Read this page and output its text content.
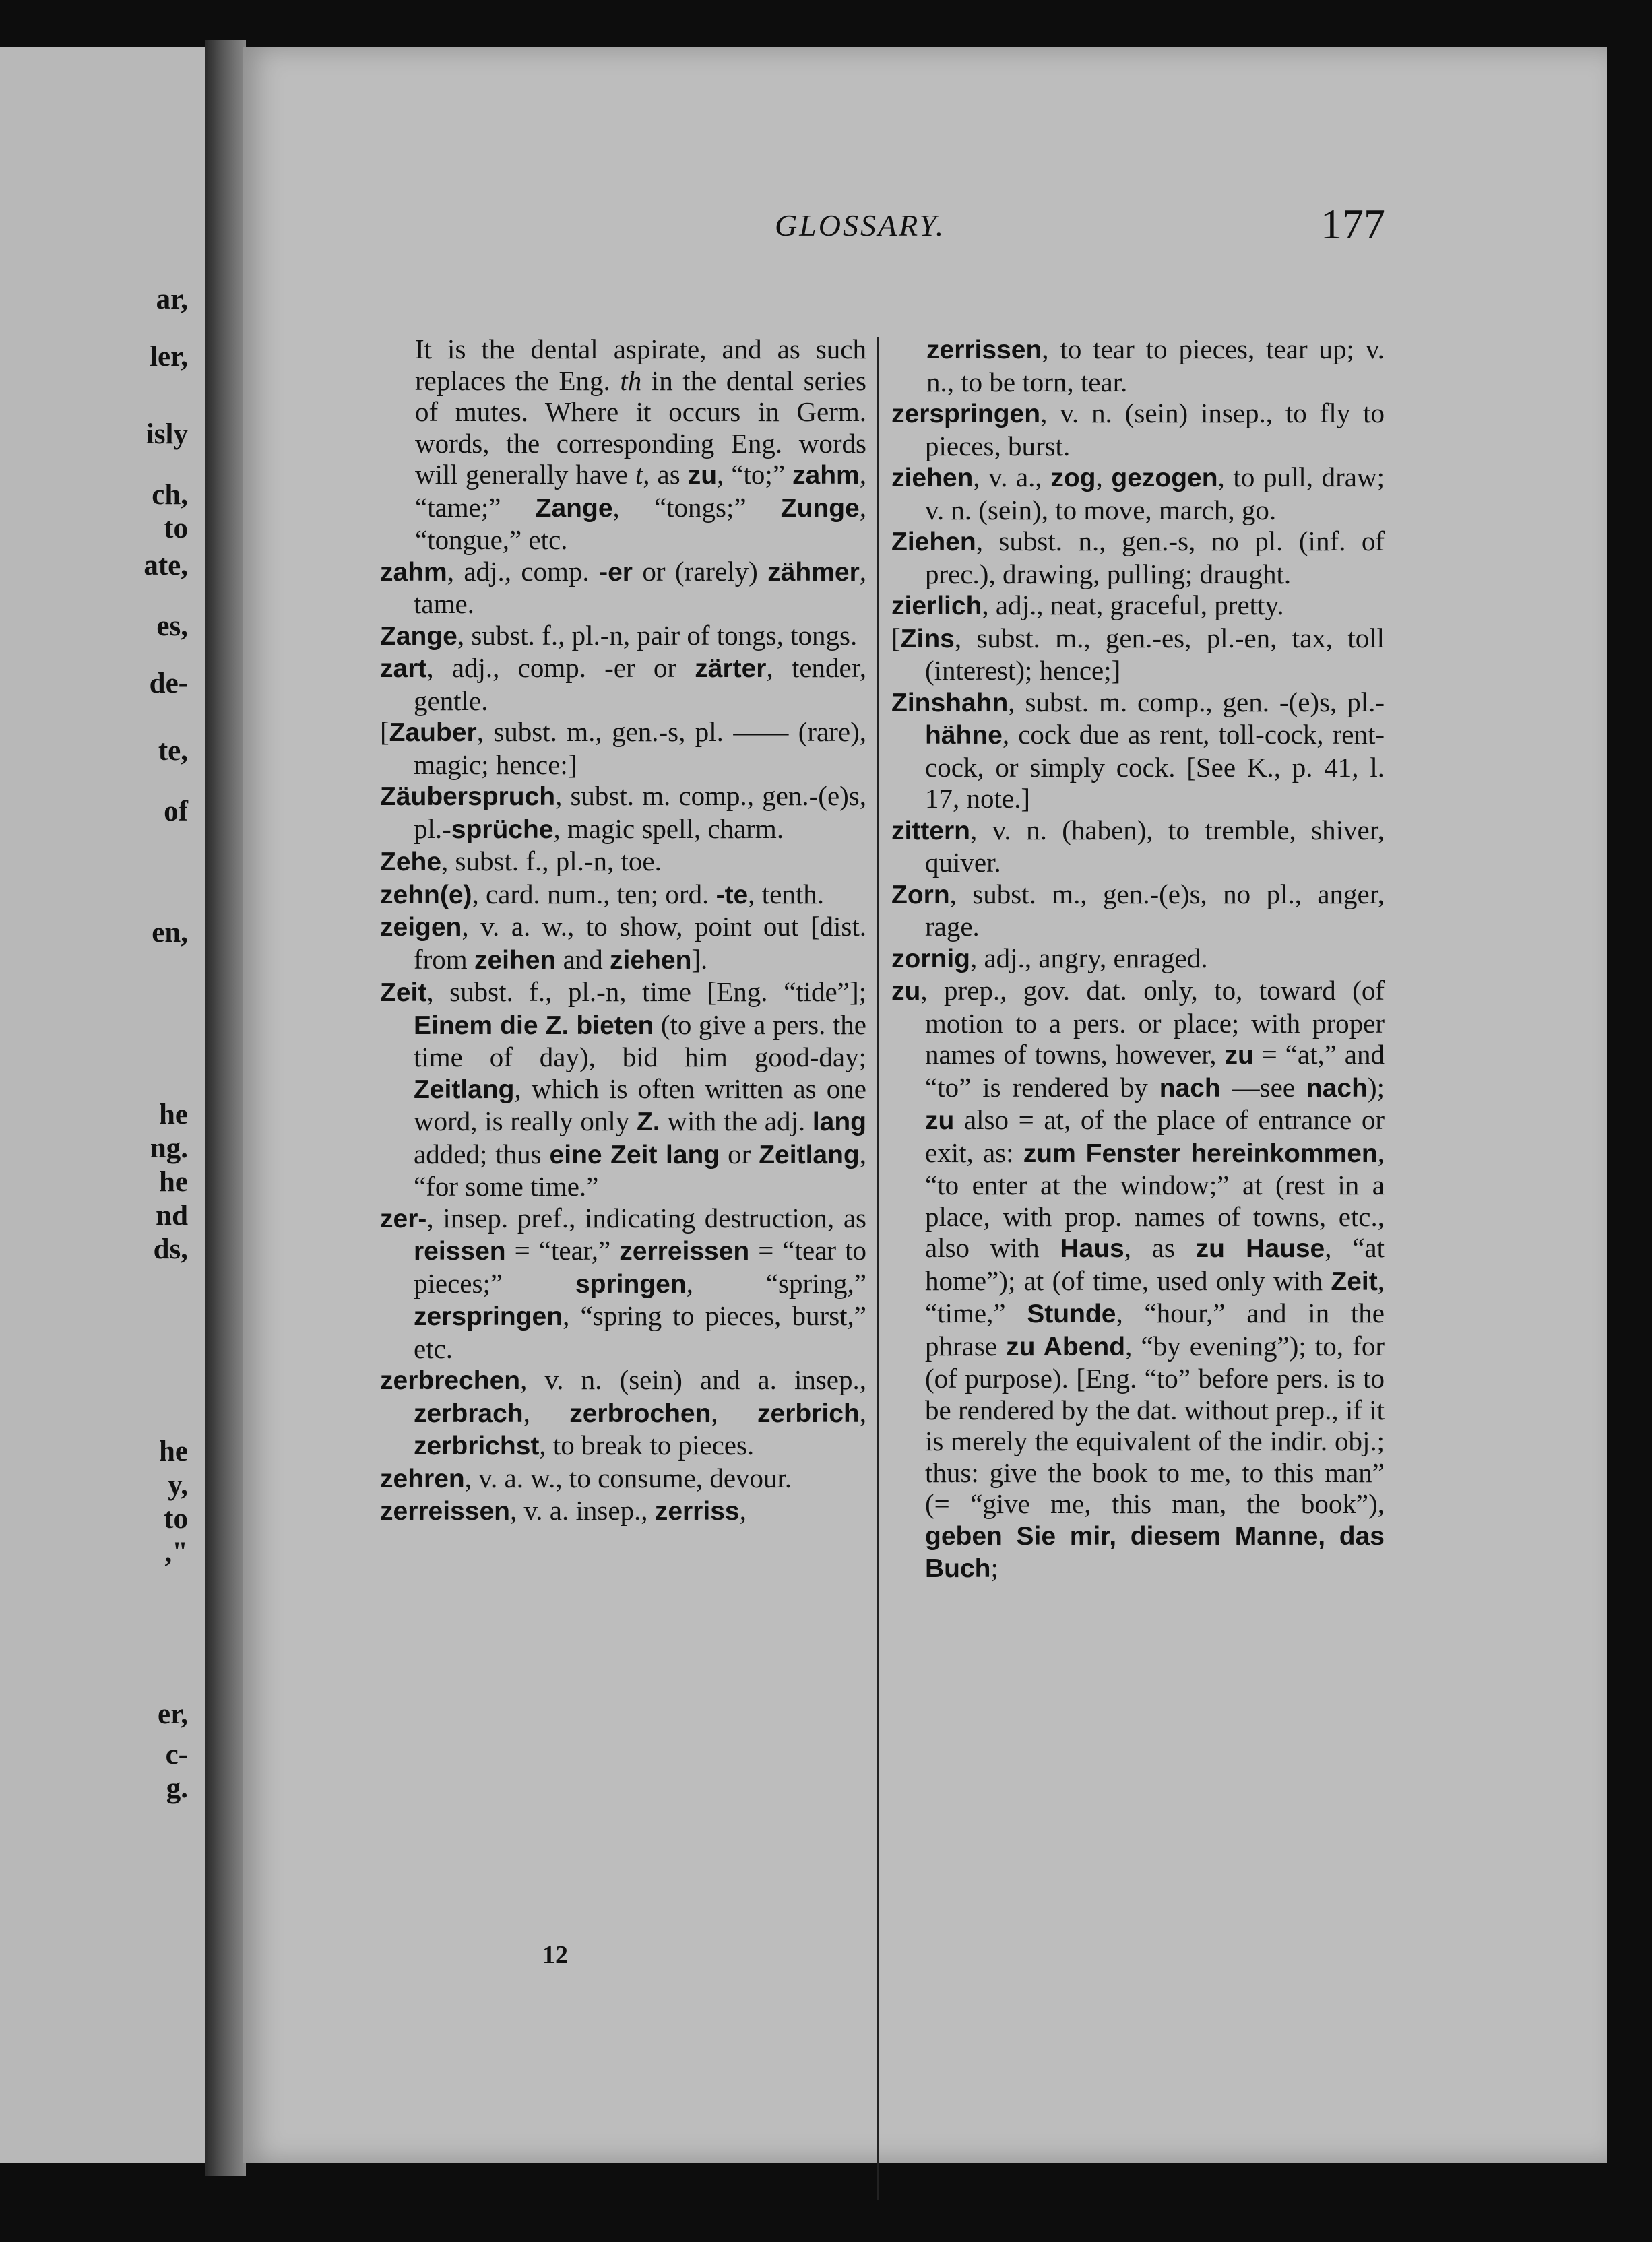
ar,
ler,
isly
ch,
to
ate,
es,
de-
te,
of
en,
he
ng.
he
nd
ds,
he
y,
to
,"
er,
c-
g.
GLOSSARY.	177
It is the dental aspirate, and as such replaces the Eng. th in the dental series of mutes. Where it occurs in Germ. words, the corresponding Eng. words will generally have t, as zu, “to;” zahm, “tame;” Zange, “tongs;” Zunge, “tongue,” etc.
zahm, adj., comp. -er or (rarely) zähmer, tame.
Zange, subst. f., pl.-n, pair of tongs, tongs.
zart, adj., comp. -er or zärter, tender, gentle.
[Zauber, subst. m., gen.-s, pl. —— (rare), magic; hence:]
Zäuberspruch, subst. m. comp., gen.-(e)s, pl.-sprüche, magic spell, charm.
Zehe, subst. f., pl.-n, toe.
zehn(e), card. num., ten; ord. -te, tenth.
zeigen, v. a. w., to show, point out [dist. from zeihen and ziehen].
Zeit, subst. f., pl.-n, time [Eng. “tide”]; Einem die Z. bieten (to give a pers. the time of day), bid him good-day; Zeitlang, which is often written as one word, is really only Z. with the adj. lang added; thus eine Zeit lang or Zeitlang, “for some time.”
zer-, insep. pref., indicating destruction, as reissen = “tear,” zerreissen = “tear to pieces;” springen, “spring,” zerspringen, “spring to pieces, burst,” etc.
zerbrechen, v. n. (sein) and a. insep., zerbrach, zerbrochen, zerbrich, zerbrichst, to break to pieces.
zehren, v. a. w., to consume, devour.
zerreissen, v. a. insep., zerriss,
zerrissen, to tear to pieces, tear up; v. n., to be torn, tear.
zerspringen, v. n. (sein) insep., to fly to pieces, burst.
ziehen, v. a., zog, gezogen, to pull, draw; v. n. (sein), to move, march, go.
Ziehen, subst. n., gen.-s, no pl. (inf. of prec.), drawing, pulling; draught.
zierlich, adj., neat, graceful, pretty.
[Zins, subst. m., gen.-es, pl.-en, tax, toll (interest); hence;]
Zinshahn, subst. m. comp., gen. -(e)s, pl.-hähne, cock due as rent, toll-cock, rent-cock, or simply cock. [See K., p. 41, l. 17, note.]
zittern, v. n. (haben), to tremble, shiver, quiver.
Zorn, subst. m., gen.-(e)s, no pl., anger, rage.
zornig, adj., angry, enraged.
zu, prep., gov. dat. only, to, toward (of motion to a pers. or place; with proper names of towns, however, zu = “at,” and “to” is rendered by nach —see nach); zu also = at, of the place of entrance or exit, as: zum Fenster hereinkommen, “to enter at the window;” at (rest in a place, with prop. names of towns, etc., also with Haus, as zu Hause, “at home”); at (of time, used only with Zeit, “time,” Stunde, “hour,” and in the phrase zu Abend, “by evening”); to, for (of purpose). [Eng. “to” before pers. is to be rendered by the dat. without prep., if it is merely the equivalent of the indir. obj.; thus: give the book to me, to this man” (= “give me, this man, the book”), geben Sie mir, diesem Manne, das Buch;
12
